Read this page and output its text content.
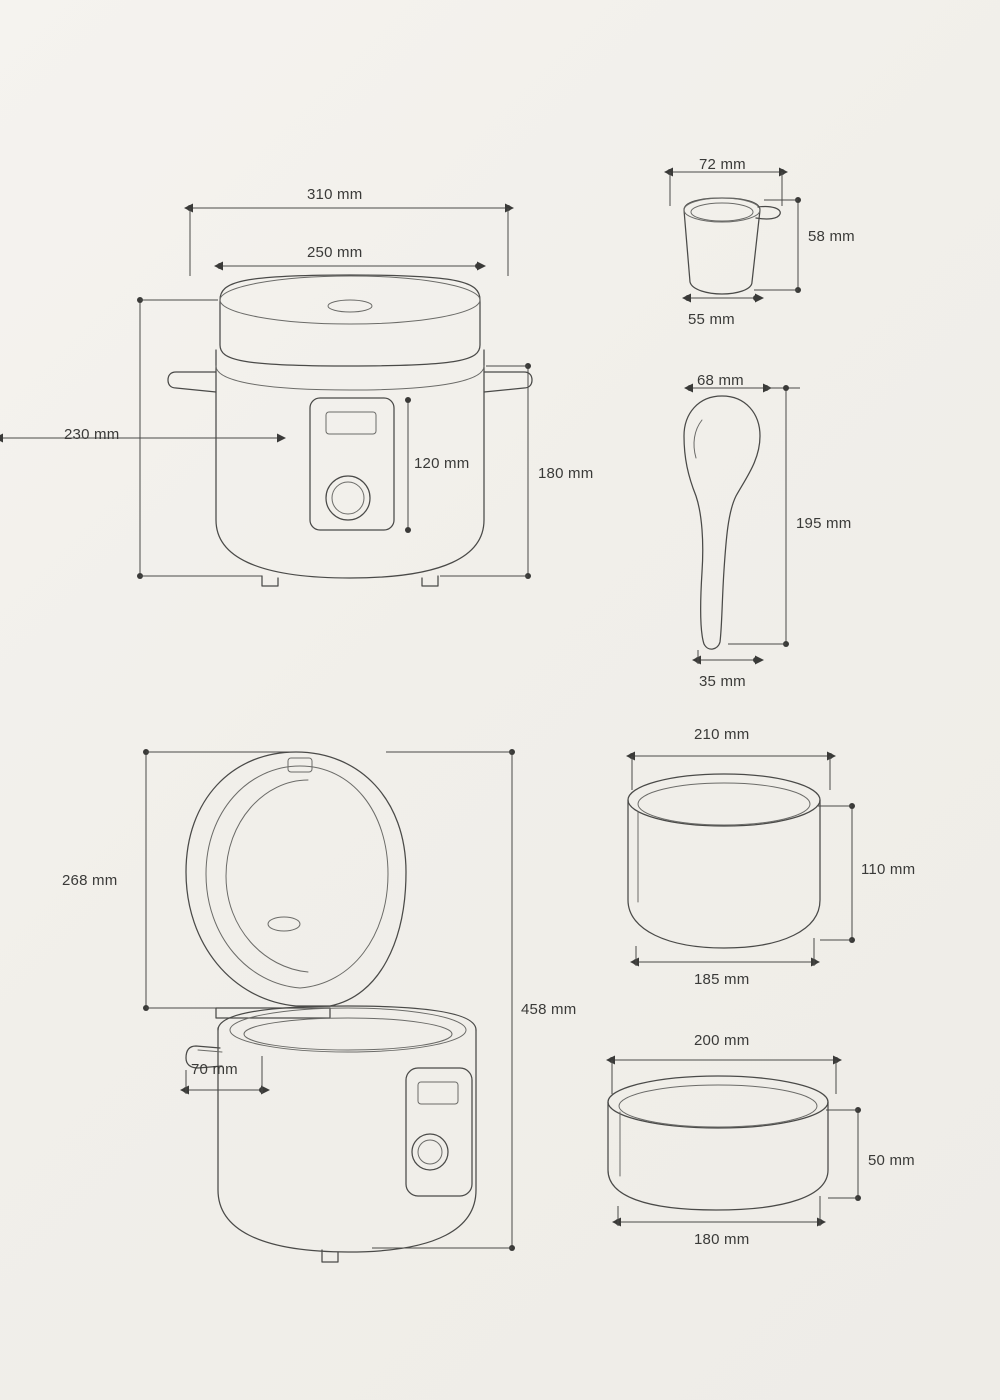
310 mm
250 mm
230 mm
180 mm
120 mm
72 mm
58 mm
55 mm
68 mm
195 mm
35 mm
268 mm
458 mm
70 mm
210 mm
110 mm
185 mm
200 mm
50 mm
180 mm
